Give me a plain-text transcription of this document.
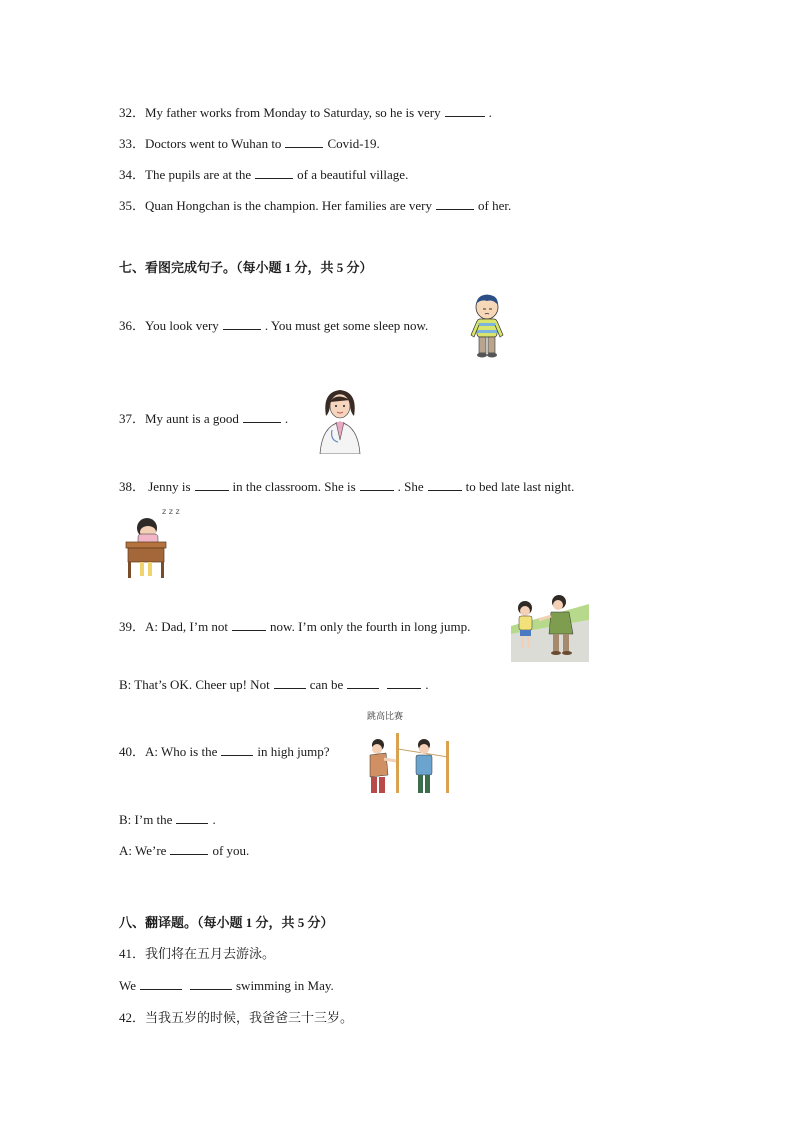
32．My father works from Monday to Saturday, so he is very	.
33．Doctors went to Wuhan to	Covid-19.
34．The pupils are at the	of a beautiful village.
35．Quan Hongchan is the champion. Her families are very	of her.
七、看图完成句子。（每小题 1 分，共 5 分）
36．You look very	. You must get some sleep now.
37．My aunt is a good	.
38． Jenny is	in the classroom. She is	. She	to bed late last night.
z z z
39．A: Dad, I’m not	now. I’m only the fourth in long jump.
B: That’s OK. Cheer up! Not	can be	.
跳高比赛
40．A: Who is the	in high jump?
B: I’m the	.
A: We’re	of you.
八、翻译题。（每小题 1 分，共 5 分）
41．我们将在五月去游泳。
We	swimming in May.
42．当我五岁的时候，我爸爸三十三岁。
